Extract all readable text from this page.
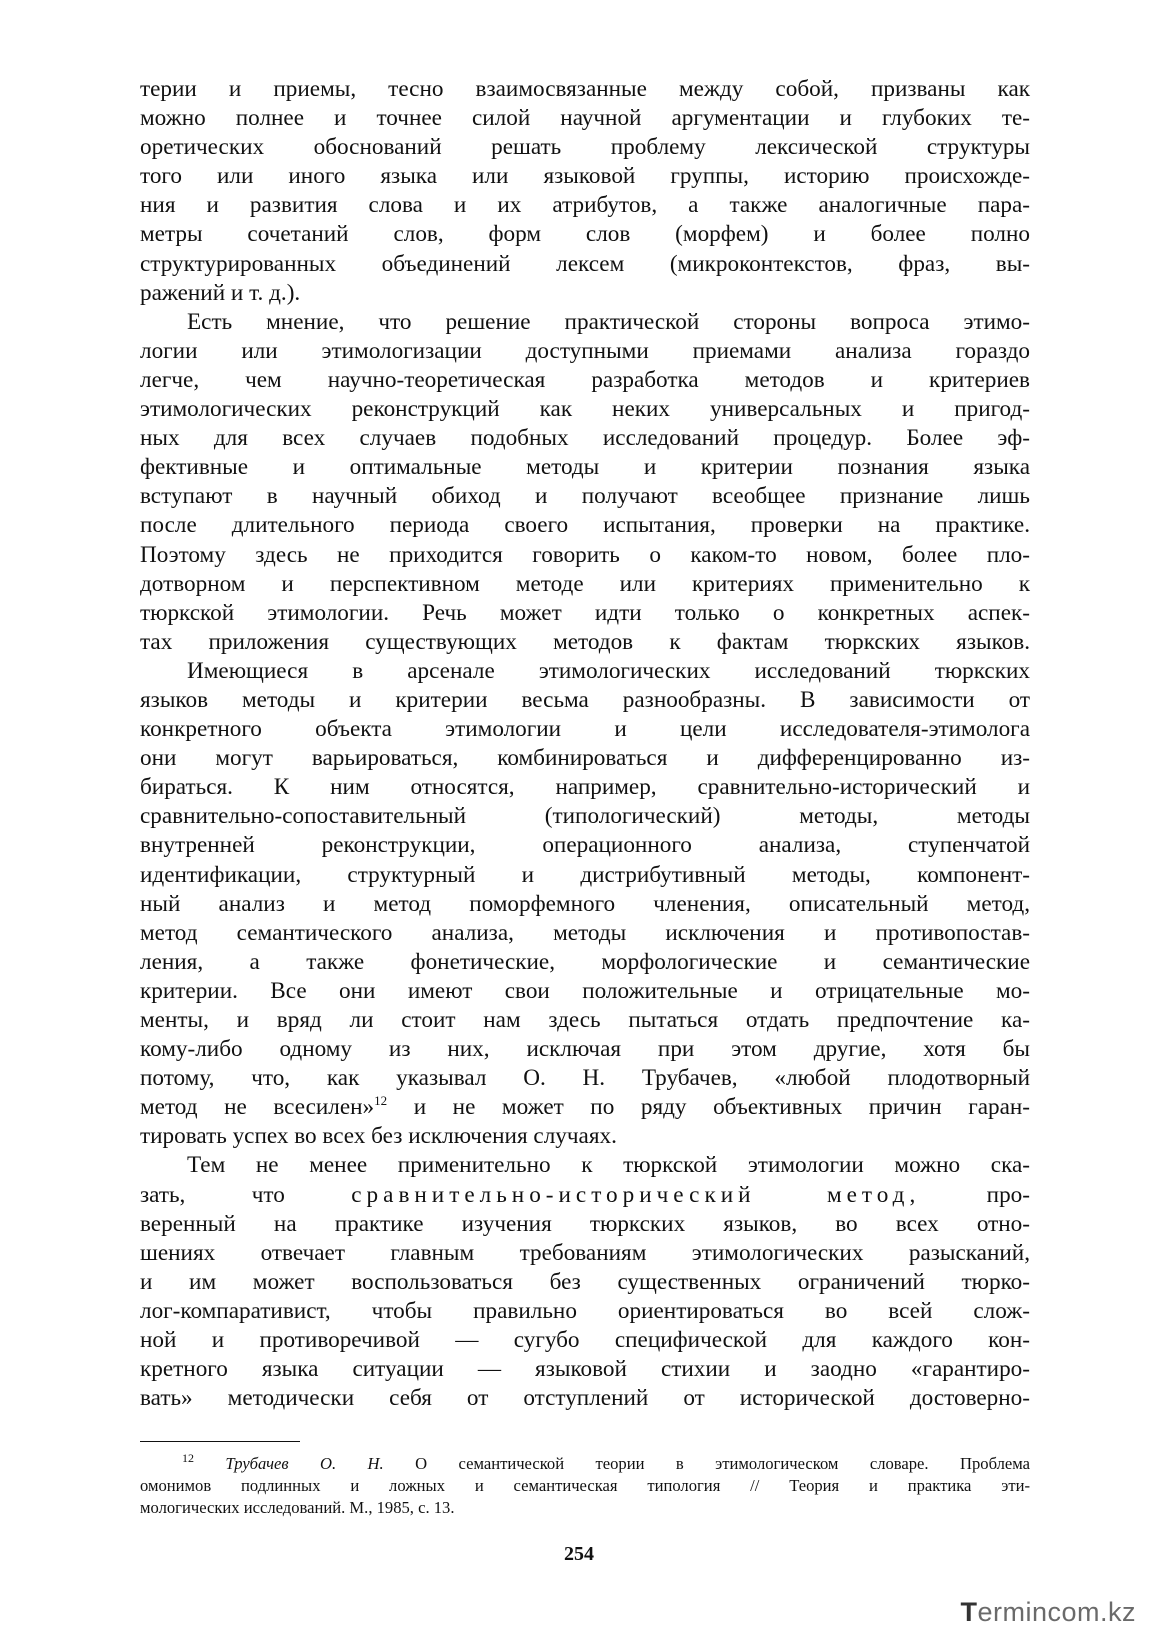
терии и приемы, тесно взаимосвязанные между собой, призваны как
можно полнее и точнее силой научной аргументации и глубоких те-
оретических обоснований решать проблему лексической структуры
того или иного языка или языковой группы, историю происхожде-
ния и развития слова и их атрибутов, а также аналогичные пара-
метры сочетаний слов, форм слов (морфем) и более полно
структурированных объединений лексем (микроконтекстов, фраз, вы-
ражений и т. д.).
Есть мнение, что решение практической стороны вопроса этимо-
логии или этимологизации доступными приемами анализа гораздо
легче, чем научно-теоретическая разработка методов и критериев
этимологических реконструкций как неких универсальных и пригод-
ных для всех случаев подобных исследований процедур. Более эф-
фективные и оптимальные методы и критерии познания языка
вступают в научный обиход и получают всеобщее признание лишь
после длительного периода своего испытания, проверки на практике.
Поэтому здесь не приходится говорить о каком-то новом, более пло-
дотворном и перспективном методе или критериях применительно к
тюркской этимологии. Речь может идти только о конкретных аспек-
тах приложения существующих методов к фактам тюркских языков.
Имеющиеся в арсенале этимологических исследований тюркских
языков методы и критерии весьма разнообразны. В зависимости от
конкретного объекта этимологии и цели исследователя-этимолога
они могут варьироваться, комбинироваться и дифференцированно из-
бираться. К ним относятся, например, сравнительно-исторический и
сравнительно-сопоставительный (типологический) методы, методы
внутренней реконструкции, операционного анализа, ступенчатой
идентификации, структурный и дистрибутивный методы, компонент-
ный анализ и метод поморфемного членения, описательный метод,
метод семантического анализа, методы исключения и противопостав-
ления, а также фонетические, морфологические и семантические
критерии. Все они имеют свои положительные и отрицательные мо-
менты, и вряд ли стоит нам здесь пытаться отдать предпочтение ка-
кому-либо одному из них, исключая при этом другие, хотя бы
потому, что, как указывал О. Н. Трубачев, «любой плодотворный
метод не всесилен»$^{12}$ и не может по ряду объективных причин гаран-
тировать успех во всех без исключения случаях.
Тем не менее применительно к тюркской этимологии можно ска-
зать, что	сравнительно-исторический метод,	про-
веренный на практике изучения тюркских языков, во всех отно-
шениях отвечает главным требованиям этимологических разысканий,
и им может воспользоваться без существенных ограничений тюрко-
лог-компаративист, чтобы правильно ориентироваться во всей слож-
ной и противоречивой — сугубо специфической для каждого кон-
кретного языка ситуации — языковой стихии и заодно «гарантиро-
вать» методически себя от отступлений от исторической достоверно-
$^{12}$ Трубачев О. Н. О семантической теории в этимологическом словаре. Проблема
омонимов подлинных и ложных и семантическая типология // Теория и практика эти-
мологических исследований. М., 1985, с. 13.
254
Termincom.kz
